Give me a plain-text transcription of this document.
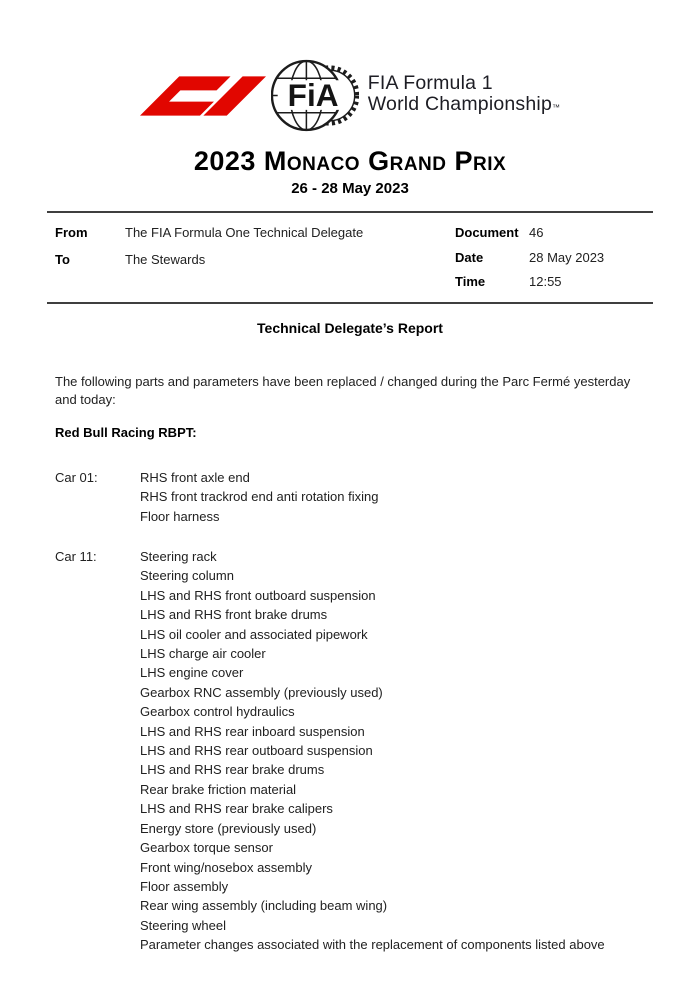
FiA FIA Formula 1
World Championship™
2023 Monaco Grand Prix
26 - 28 May 2023
From	The FIA Formula One Technical Delegate
To	The Stewards
Document 46
Date	28 May 2023
Time	12:55
Technical Delegate’s Report
The following parts and parameters have been replaced / changed during the Parc Fermé yesterday and today:
Red Bull Racing RBPT:
Car 01:	RHS front axle end
RHS front trackrod end anti rotation fixing
Floor harness
Car 11:	Steering rack
Steering column
LHS and RHS front outboard suspension
LHS and RHS front brake drums
LHS oil cooler and associated pipework
LHS charge air cooler
LHS engine cover
Gearbox RNC assembly (previously used)
Gearbox control hydraulics
LHS and RHS rear inboard suspension
LHS and RHS rear outboard suspension
LHS and RHS rear brake drums
Rear brake friction material
LHS and RHS rear brake calipers
Energy store (previously used)
Gearbox torque sensor
Front wing/nosebox assembly
Floor assembly
Rear wing assembly (including beam wing)
Steering wheel
Parameter changes associated with the replacement of components listed above
